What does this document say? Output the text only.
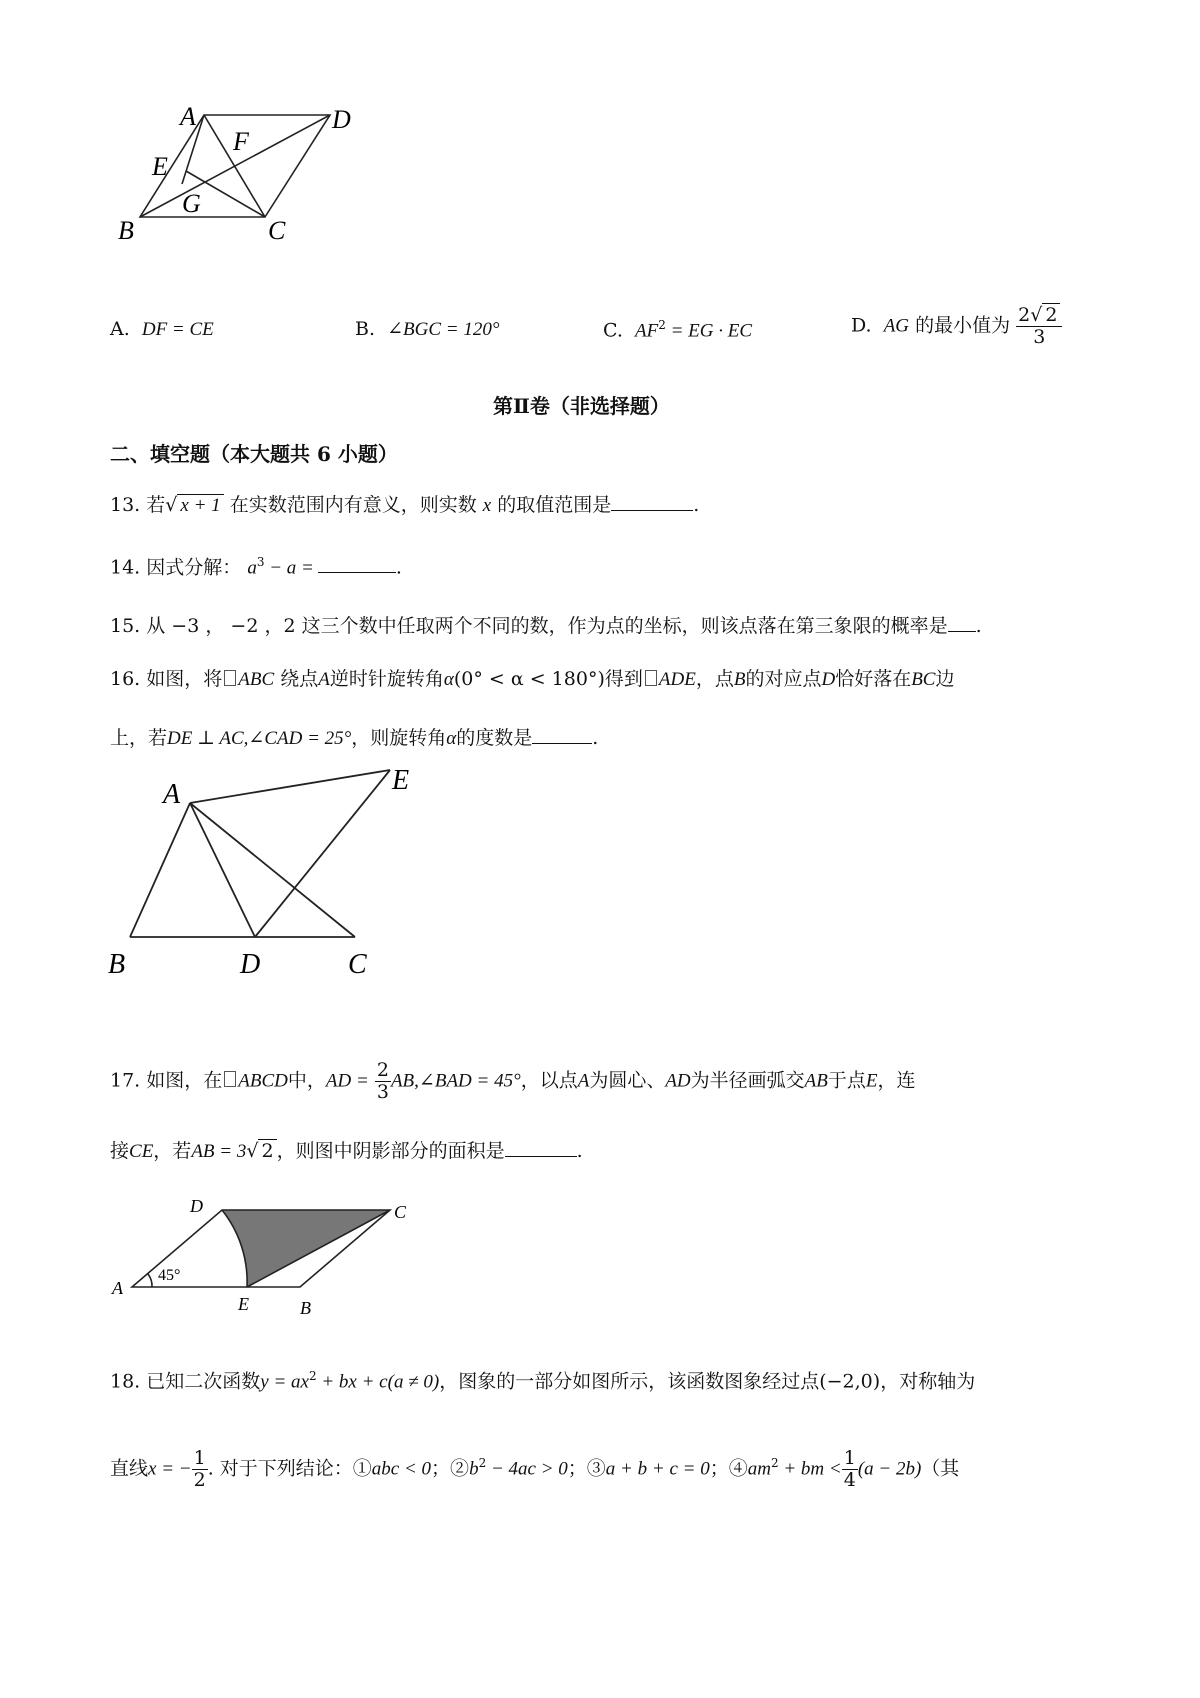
A	D
F
E
G
B	C
A. DF = CE	B. ∠BGC = 120°	C. $AF^2$ = EG · EC	D. AG 的最小值为 $\frac{2√ 2}{3}$
第Ⅱ卷（非选择题）
二、填空题（本大题共 6 小题）
13. 若√ x + 1 在实数范围内有意义，则实数 x 的取值范围是	.
14. 因式分解： $a^3 - a$ =	.
15. 从 −3 ， −2 ，2 这三个数中任取两个不同的数，作为点的坐标，则该点落在第三象限的概率是 .
16. 如图，将 ABC 绕点A逆时针旋转角α(0° < α < 180°)得到 ADE，点B的对应点D恰好落在BC边
上，若DE ⊥ AC,∠CAD = 25°，则旋转角α的度数是	.
A	E
B	D	C
17. 如图，在 ABCD中，AD = $\frac{2}{3}$ AB,∠BAD = 45°，以点A为圆心、AD为半径画弧交AB于点E，连
接CE，若AB = 3√ 2 ，则图中阴影部分的面积是	.
D	C
A
45°
E	B
18. 已知二次函数$y = ax^2$ + bx + c(a ≠ 0)，图象的一部分如图所示，该函数图象经过点(−2,0)，对称轴为
直线x = − $\frac{1}{2}$ . 对于下列结论：①abc < 0；$②b^2 - 4ac > 0$；③a + b + c = 0；$④am^2$ + bm < $\frac{1}{4} (a - 2b)$（其
